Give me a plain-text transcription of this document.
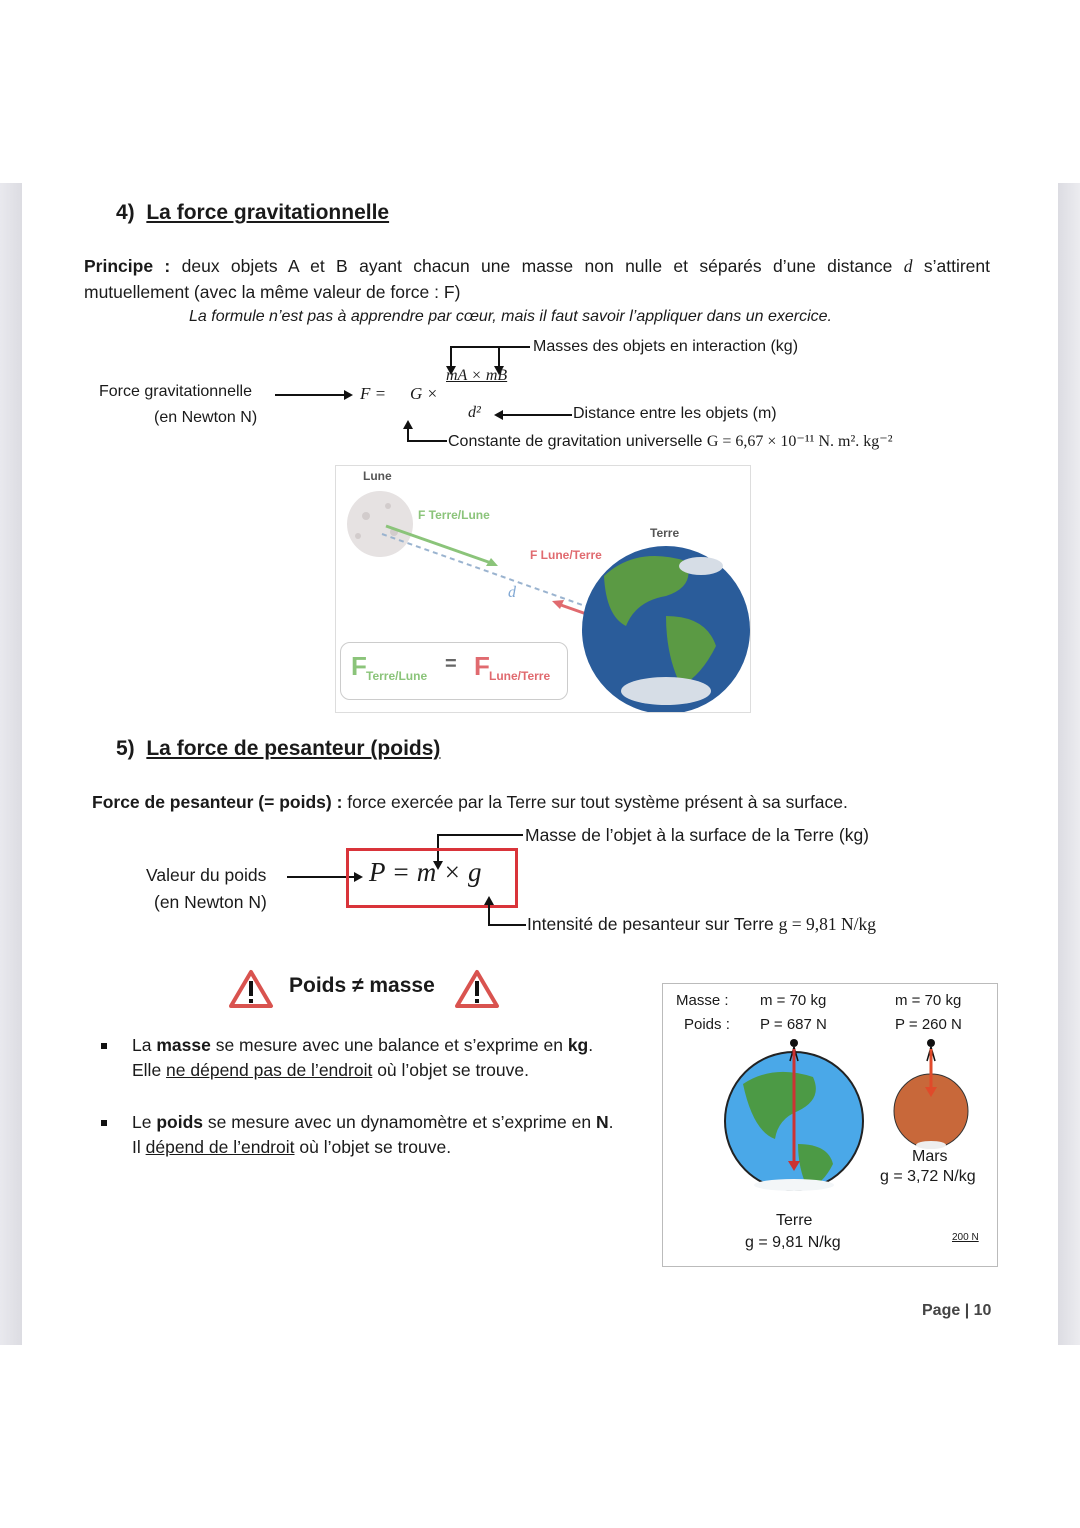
4) La force gravitationnelle
Principe : deux objets A et B ayant chacun une masse non nulle et séparés d’une distance d s’attirent
mutuellement (avec la même valeur de force : F)
La formule n’est pas à apprendre par cœur, mais il faut savoir l’appliquer dans un exercice.
Masses des objets en interaction (kg)
mA × mB
Force gravitationnelle
(en Newton N)
F = G ×
d²	Distance entre les objets (m)
Constante de gravitation universelle G = 6,67 × 10⁻¹¹ N. m². kg⁻²
Lune
Terre
F Terre/Lune
F Lune/Terre
d
F Terre/Lune
= F Lune/Terre
5) La force de pesanteur (poids)
Force de pesanteur (= poids) : force exercée par la Terre sur tout système présent à sa surface.
Masse de l’objet à la surface de la Terre (kg)
Valeur du poids
(en Newton N)
P = m × g
Intensité de pesanteur sur Terre g = 9,81 N/kg
Poids ≠ masse
La masse se mesure avec une balance et s’exprime en kg.
Elle ne dépend pas de l’endroit où l’objet se trouve.
Le poids se mesure avec un dynamomètre et s’exprime en N.
Il dépend de l’endroit où l’objet se trouve.
Masse :
Poids :
m = 70 kg
P = 687 N
m = 70 kg
P = 260 N
Terre
g = 9,81 N/kg
Mars
g = 3,72 N/kg
200 N
Page | 10
